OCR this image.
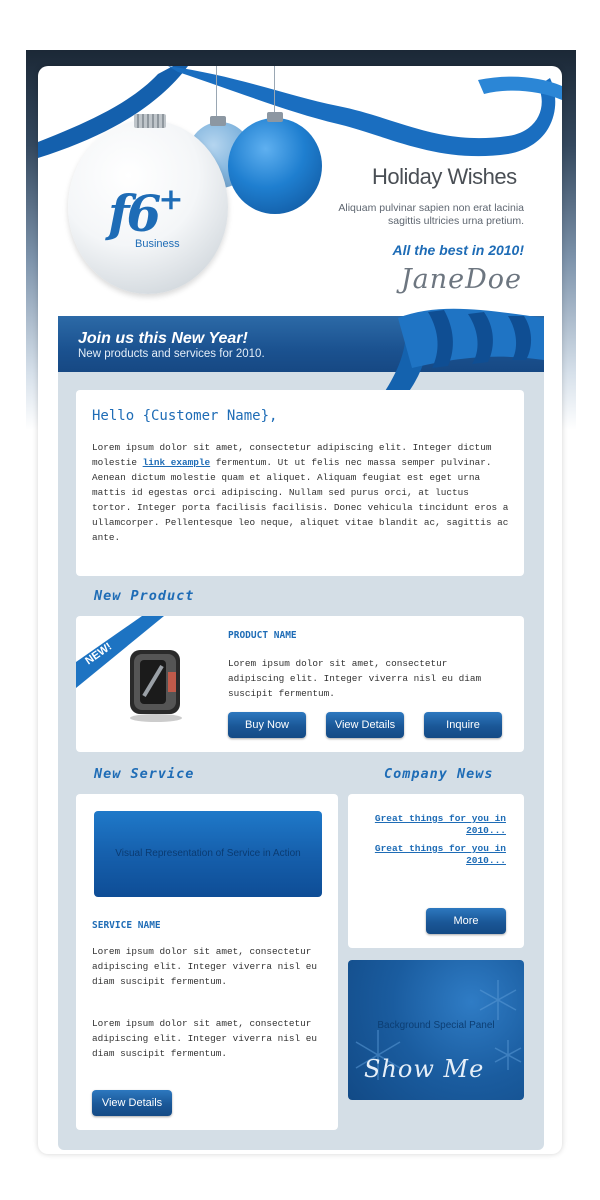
f6+
Business
Holiday Wishes
Aliquam pulvinar sapien non erat lacinia sagittis ultricies urna pretium.
All the best in 2010!
JaneDoe
Join us this New Year!
New products and services for 2010.
Hello {Customer Name},
Lorem ipsum dolor sit amet, consectetur adipiscing elit. Integer dictum molestie link example fermentum. Ut ut felis nec massa semper pulvinar. Aenean dictum molestie quam et aliquet. Aliquam feugiat est eget urna mattis id egestas orci adipiscing. Nullam sed purus orci, at luctus tortor. Integer porta facilisis facilisis. Donec vehicula tincidunt eros a ullamcorper. Pellentesque leo neque, aliquet vitae blandit ac, sagittis ac ante.
New Product
NEW!
PRODUCT NAME
Lorem ipsum dolor sit amet, consectetur adipiscing elit. Integer viverra nisl eu diam suscipit fermentum.
Buy Now	View Details	Inquire
New Service
Visual Representation of Service in Action
SERVICE NAME
Lorem ipsum dolor sit amet, consectetur adipiscing elit. Integer viverra nisl eu diam suscipit fermentum.
Lorem ipsum dolor sit amet, consectetur adipiscing elit. Integer viverra nisl eu diam suscipit fermentum.
View Details
Company News
Great things for you in 2010...
Great things for you in 2010...
More
Background Special Panel
Show Me
